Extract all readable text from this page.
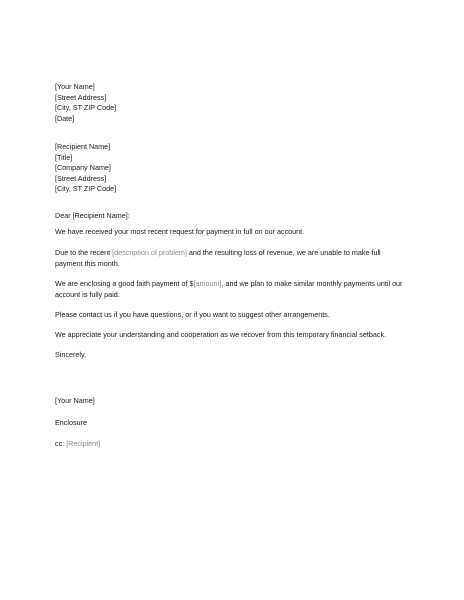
[Your Name]
[Street Address]
[City, ST ZIP Code]
[Date]
[Recipient Name]
[Title]
[Company Name]
[Street Address]
[City, ST ZIP Code]
Dear [Recipient Name]:
We have received your most recent request for payment in full on our account.
Due to the recent [description of problem] and the resulting loss of revenue, we are unable to make full payment this month.
We are enclosing a good faith payment of $[amount], and we plan to make similar monthly payments until our account is fully paid.
Please contact us if you have questions, or if you want to suggest other arrangements.
We appreciate your understanding and cooperation as we recover from this temporary financial setback.
Sincerely,
[Your Name]
Enclosure
cc: [Recipient]
